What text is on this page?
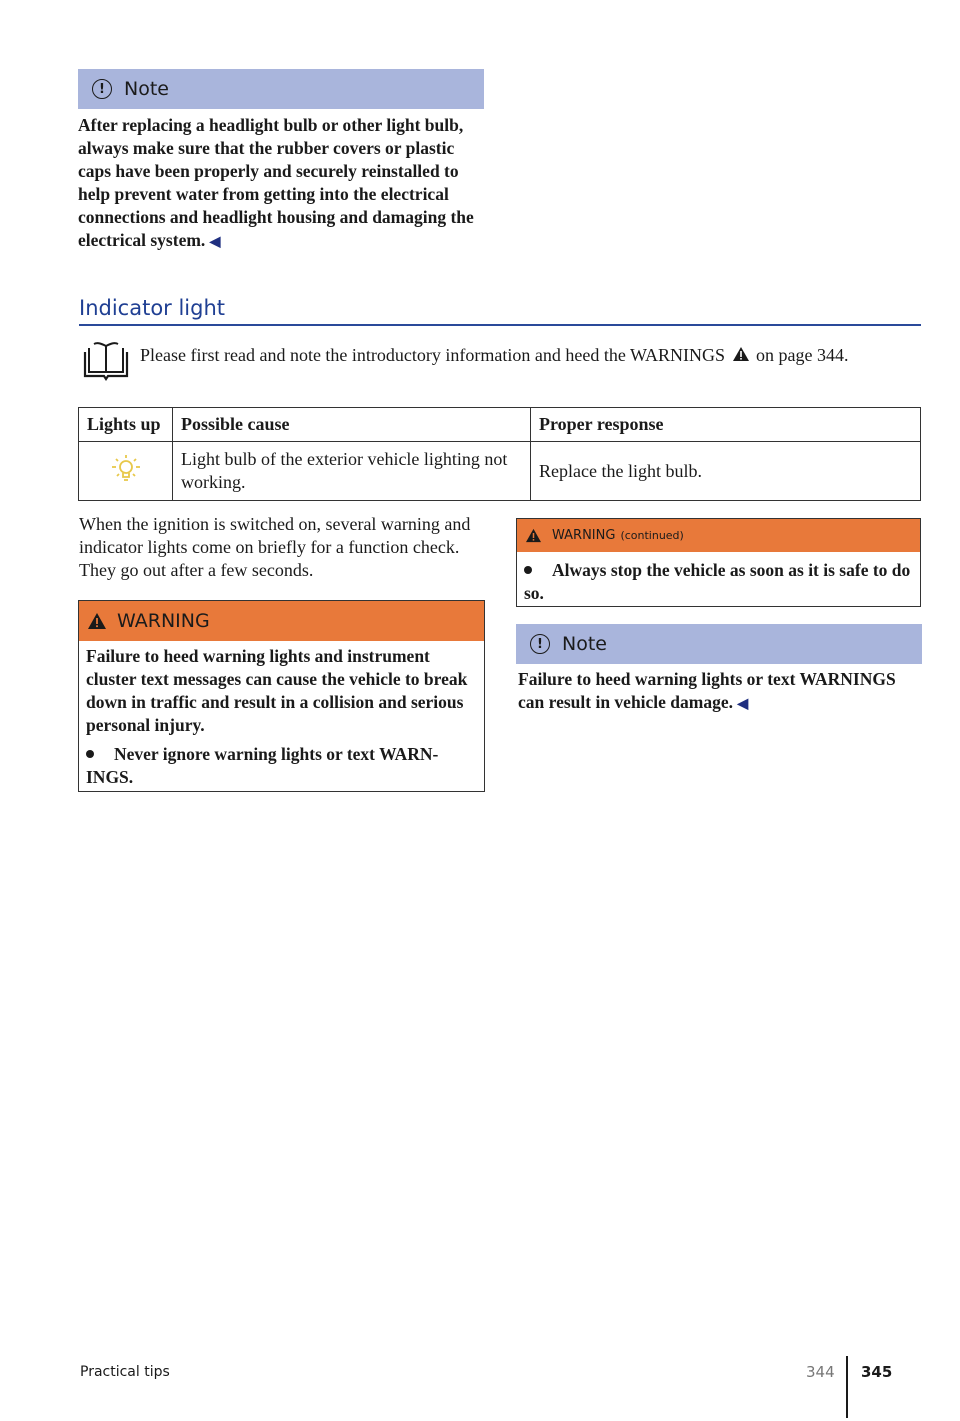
!	Note
After replacing a headlight bulb or other light bulb, always make sure that the rubber covers or plastic caps have been properly and securely reinstalled to help prevent water from getting into the electrical connections and headlight housing and damaging the electrical system. ◀
Indicator light
Please first read and note the introductory information and heed the WARNINGS on page 344.
Lights up	Possible cause	Proper response
	Light bulb of the exterior vehicle lighting not working.	Replace the light bulb.
When the ignition is switched on, several warning and indicator lights come on briefly for a function check. They go out after a few seconds.
WARNING
Failure to heed warning lights and instrument cluster text messages can cause the vehicle to break down in traffic and result in a collision and serious personal injury.
Never ignore warning lights or text WARNINGS.
WARNING (continued)
Always stop the vehicle as soon as it is safe to do so.
!	Note
Failure to heed warning lights or text WARNINGS can result in vehicle damage. ◀
Practical tips	344 345
